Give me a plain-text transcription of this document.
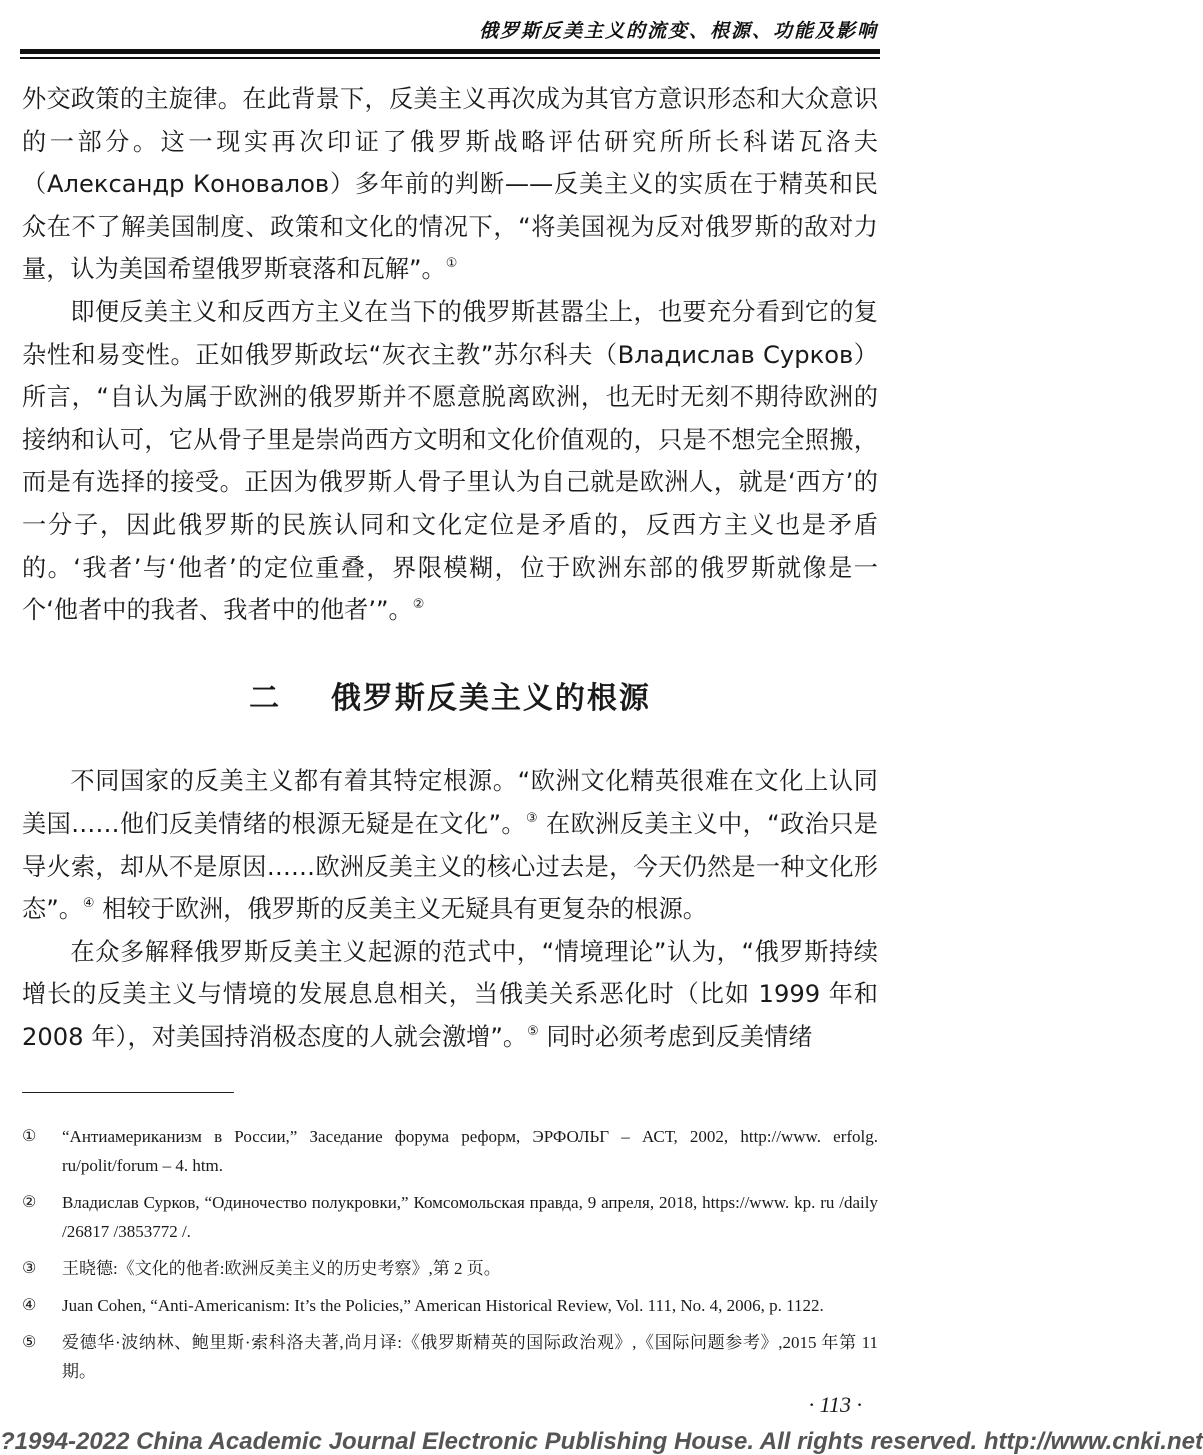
俄罗斯反美主义的流变、根源、功能及影响

外交政策的主旋律。在此背景下，反美主义再次成为其官方意识形态和大众意识的一部分。这一现实再次印证了俄罗斯战略评估研究所所长科诺瓦洛夫（Александр Коновалов）多年前的判断——反美主义的实质在于精英和民众在不了解美国制度、政策和文化的情况下，“将美国视为反对俄罗斯的敌对力量，认为美国希望俄罗斯衰落和瓦解”。①

即便反美主义和反西方主义在当下的俄罗斯甚嚣尘上，也要充分看到它的复杂性和易变性。正如俄罗斯政坛“灰衣主教”苏尔科夫（Владислав Сурков）所言，“自认为属于欧洲的俄罗斯并不愿意脱离欧洲，也无时无刻不期待欧洲的接纳和认可，它从骨子里是崇尚西方文明和文化价值观的，只是不想完全照搬，而是有选择的接受。正因为俄罗斯人骨子里认为自己就是欧洲人，就是‘西方’的一分子，因此俄罗斯的民族认同和文化定位是矛盾的，反西方主义也是矛盾的。‘我者’与‘他者’的定位重叠，界限模糊，位于欧洲东部的俄罗斯就像是一个‘他者中的我者、我者中的他者’”。②

二 俄罗斯反美主义的根源

不同国家的反美主义都有着其特定根源。“欧洲文化精英很难在文化上认同美国……他们反美情绪的根源无疑是在文化”。③ 在欧洲反美主义中，“政治只是导火索，却从不是原因……欧洲反美主义的核心过去是，今天仍然是一种文化形态”。④ 相较于欧洲，俄罗斯的反美主义无疑具有更复杂的根源。

在众多解释俄罗斯反美主义起源的范式中，“情境理论”认为，“俄罗斯持续增长的反美主义与情境的发展息息相关，当俄美关系恶化时（比如 1999 年和 2008 年），对美国持消极态度的人就会激增”。⑤ 同时必须考虑到反美情绪

①	“Антиамериканизм в России,” Заседание форума реформ, ЭРФОЛЬГ – АСТ, 2002, http://www. erfolg. ru/polit/forum – 4. htm.
②	Владислав Сурков, “Одиночество полукровки,” Комсомольская правда, 9 апреля, 2018, https://www. kp. ru /daily /26817 /3853772 /.
③	王晓德:《文化的他者:欧洲反美主义的历史考察》,第 2 页。
④	Juan Cohen, “Anti-Americanism: It’s the Policies,” American Historical Review, Vol. 111, No. 4, 2006, p. 1122.
⑤	爱德华·波纳林、鲍里斯·索科洛夫著,尚月译:《俄罗斯精英的国际政治观》,《国际问题参考》,2015 年第 11 期。
· 113 ·
?1994-2022 China Academic Journal Electronic Publishing House. All rights reserved. http://www.cnki.net
